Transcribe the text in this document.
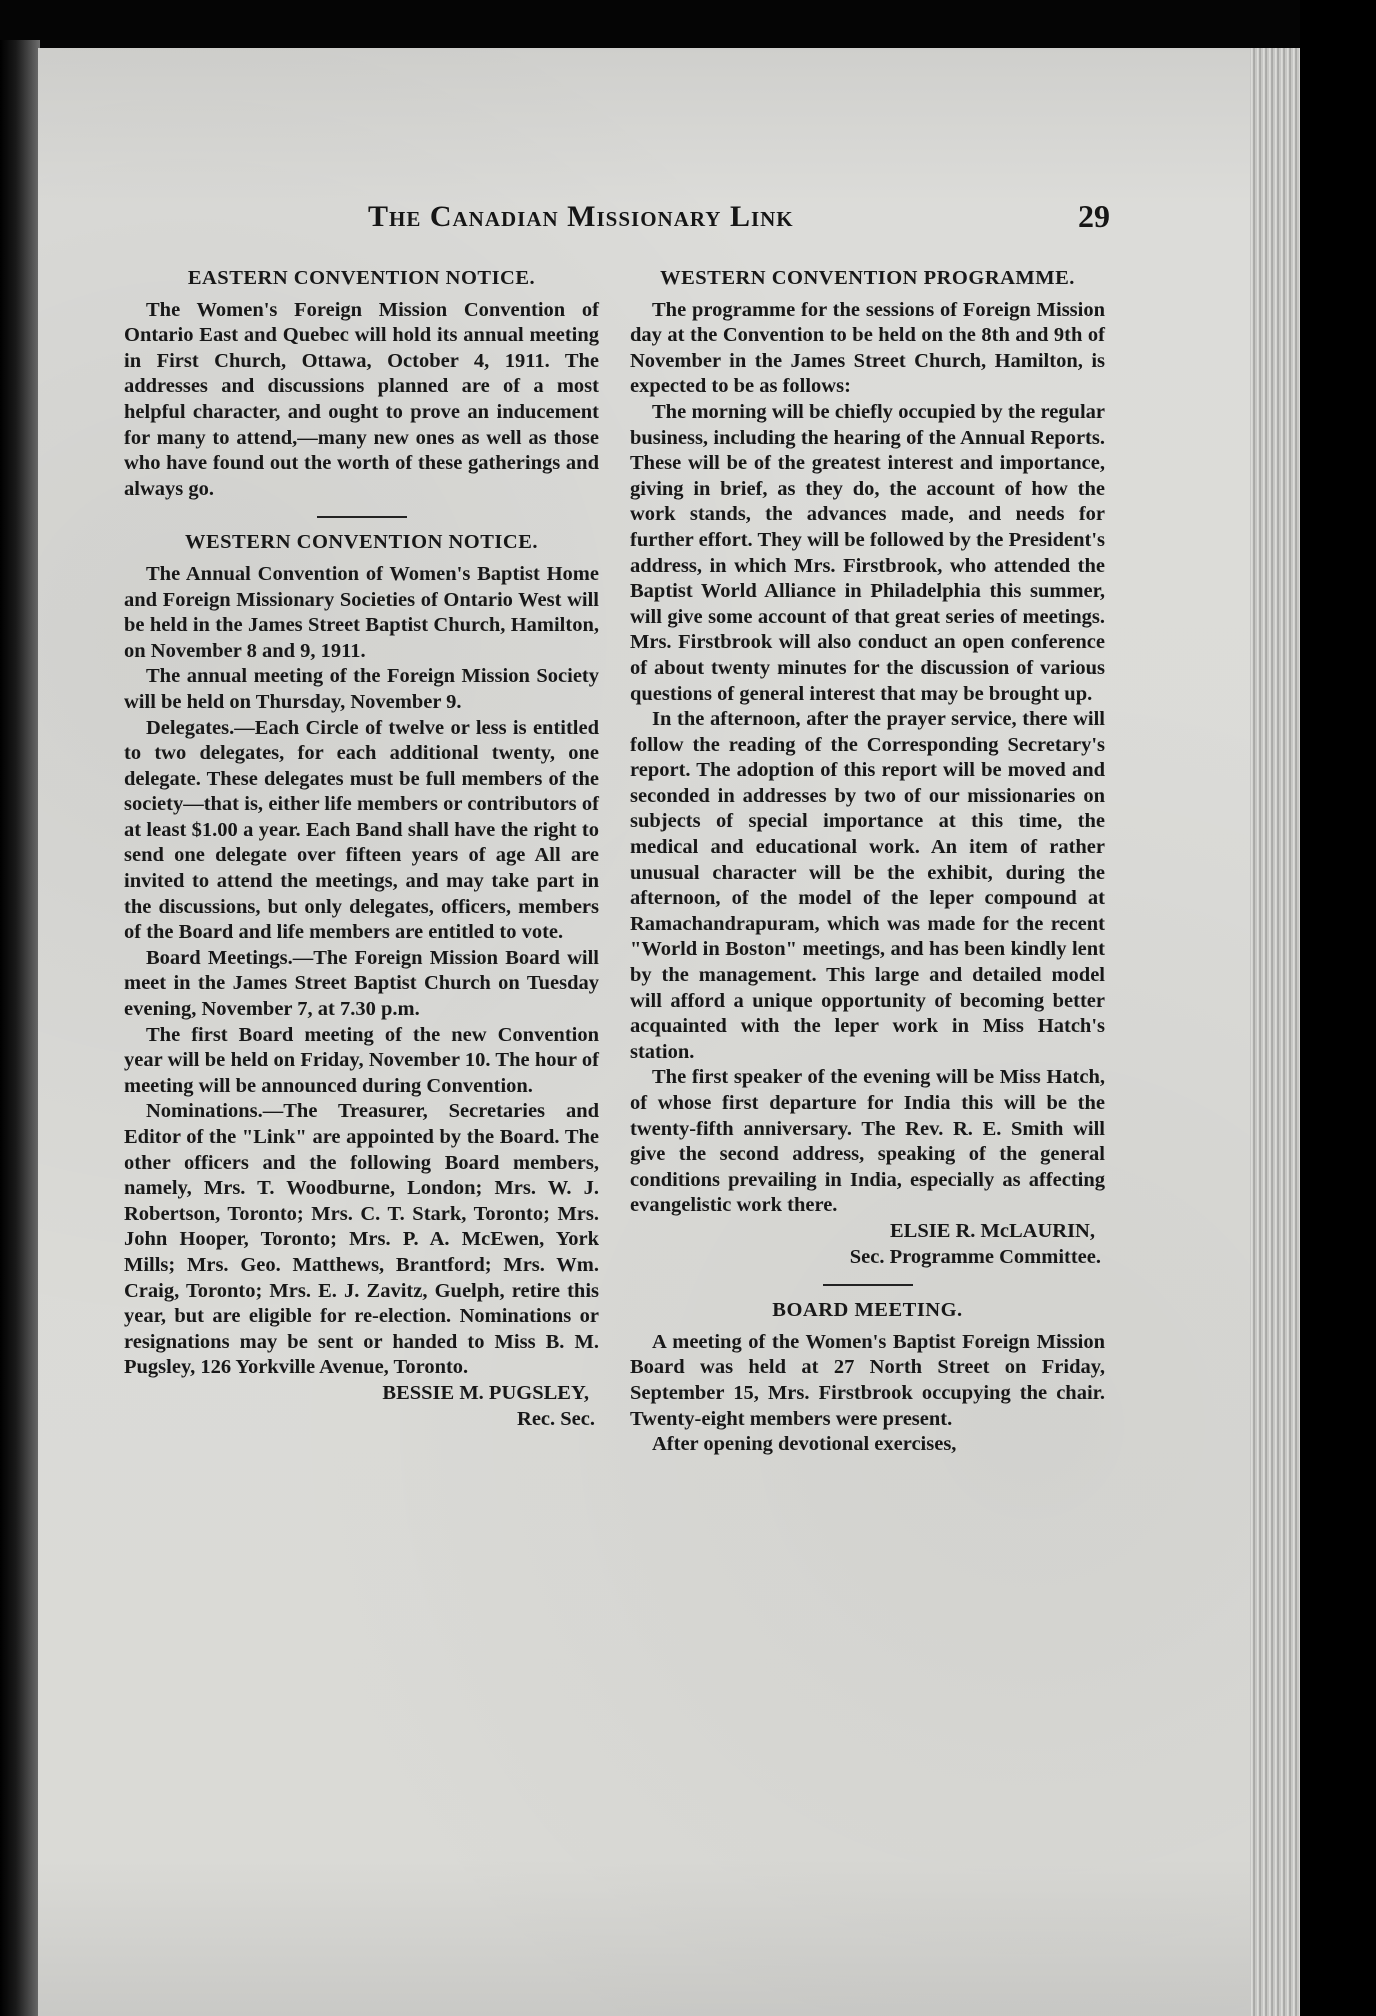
The Canadian Missionary Link	29
EASTERN CONVENTION NOTICE.

The Women's Foreign Mission Convention of Ontario East and Quebec will hold its annual meeting in First Church, Ottawa, October 4, 1911. The addresses and discussions planned are of a most helpful character, and ought to prove an inducement for many to attend,—many new ones as well as those who have found out the worth of these gatherings and always go.

WESTERN CONVENTION NOTICE.

The Annual Convention of Women's Baptist Home and Foreign Missionary Societies of Ontario West will be held in the James Street Baptist Church, Hamilton, on November 8 and 9, 1911.

The annual meeting of the Foreign Mission Society will be held on Thursday, November 9.

Delegates.—Each Circle of twelve or less is entitled to two delegates, for each additional twenty, one delegate. These delegates must be full members of the society—that is, either life members or contributors of at least $1.00 a year. Each Band shall have the right to send one delegate over fifteen years of age All are invited to attend the meetings, and may take part in the discussions, but only delegates, officers, members of the Board and life members are entitled to vote.

Board Meetings.—The Foreign Mission Board will meet in the James Street Baptist Church on Tuesday evening, November 7, at 7.30 p.m.

The first Board meeting of the new Convention year will be held on Friday, November 10. The hour of meeting will be announced during Convention.

Nominations.—The Treasurer, Secretaries and Editor of the "Link" are appointed by the Board. The other officers and the following Board members, namely, Mrs. T. Woodburne, London; Mrs. W. J. Robertson, Toronto; Mrs. C. T. Stark, Toronto; Mrs. John Hooper, Toronto; Mrs. P. A. McEwen, York Mills; Mrs. Geo. Matthews, Brantford; Mrs. Wm. Craig, Toronto; Mrs. E. J. Zavitz, Guelph, retire this year, but are eligible for re-election. Nominations or resignations may be sent or handed to Miss B. M. Pugsley, 126 Yorkville Avenue, Toronto.

BESSIE M. PUGSLEY,

Rec. Sec.

WESTERN CONVENTION PROGRAMME.

The programme for the sessions of Foreign Mission day at the Convention to be held on the 8th and 9th of November in the James Street Church, Hamilton, is expected to be as follows:

The morning will be chiefly occupied by the regular business, including the hearing of the Annual Reports. These will be of the greatest interest and importance, giving in brief, as they do, the account of how the work stands, the advances made, and needs for further effort. They will be followed by the President's address, in which Mrs. Firstbrook, who attended the Baptist World Alliance in Philadelphia this summer, will give some account of that great series of meetings. Mrs. Firstbrook will also conduct an open conference of about twenty minutes for the discussion of various questions of general interest that may be brought up.

In the afternoon, after the prayer service, there will follow the reading of the Corresponding Secretary's report. The adoption of this report will be moved and seconded in addresses by two of our missionaries on subjects of special importance at this time, the medical and educational work. An item of rather unusual character will be the exhibit, during the afternoon, of the model of the leper compound at Ramachandrapuram, which was made for the recent "World in Boston" meetings, and has been kindly lent by the management. This large and detailed model will afford a unique opportunity of becoming better acquainted with the leper work in Miss Hatch's station.

The first speaker of the evening will be Miss Hatch, of whose first departure for India this will be the twenty-fifth anniversary. The Rev. R. E. Smith will give the second address, speaking of the general conditions prevailing in India, especially as affecting evangelistic work there.

ELSIE R. McLAURIN,

Sec. Programme Committee.

BOARD MEETING.

A meeting of the Women's Baptist Foreign Mission Board was held at 27 North Street on Friday, September 15, Mrs. Firstbrook occupying the chair. Twenty-eight members were present.

After opening devotional exercises,
